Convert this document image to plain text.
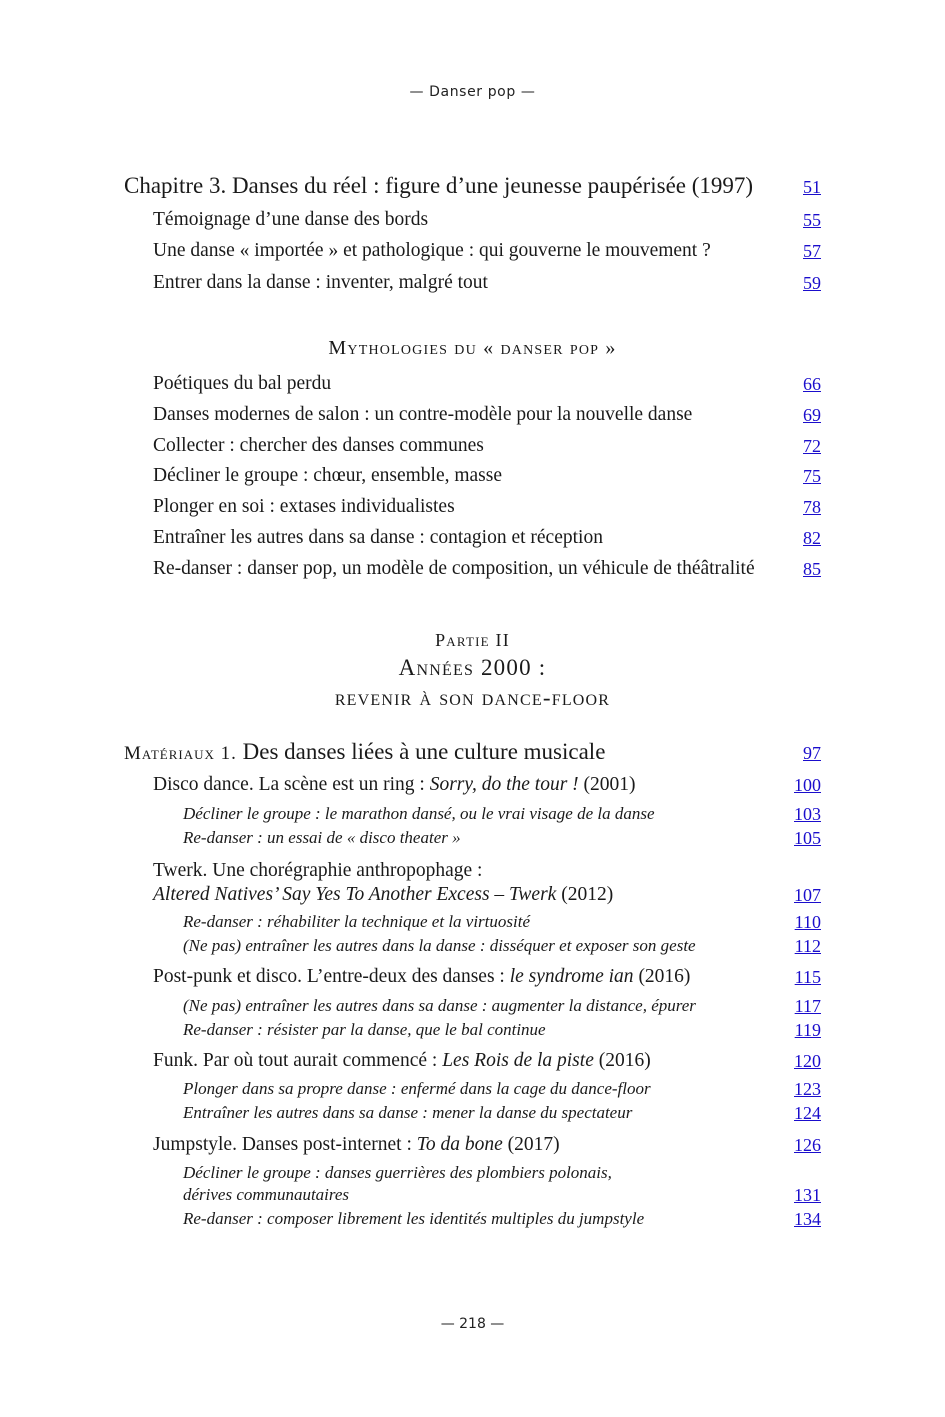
— Danser pop —
Chapitre 3. Danses du réel : figure d’une jeunesse paupérisée (1997)	51
Témoignage d’une danse des bords	55
Une danse « importée » et pathologique : qui gouverne le mouvement ?	57
Entrer dans la danse : inventer, malgré tout	59
Mythologies du « danser pop »
Poétiques du bal perdu	66
Danses modernes de salon : un contre-modèle pour la nouvelle danse	69
Collecter : chercher des danses communes	72
Décliner le groupe : chœur, ensemble, masse	75
Plonger en soi : extases individualistes	78
Entraîner les autres dans sa danse : contagion et réception	82
Re-danser : danser pop, un modèle de composition, un véhicule de théâtralité	85
Partie II
Années 2000 :
revenir à son dance-floor
Matériaux 1. Des danses liées à une culture musicale	97
Disco dance. La scène est un ring : Sorry, do the tour ! (2001)	100
Décliner le groupe : le marathon dansé, ou le vrai visage de la danse	103
Re-danser : un essai de « disco theater »	105
Twerk. Une chorégraphie anthropophage :
Altered Natives’ Say Yes To Another Excess – Twerk (2012)	107
Re-danser : réhabiliter la technique et la virtuosité	110
(Ne pas) entraîner les autres dans la danse : disséquer et exposer son geste	112
Post-punk et disco. L’entre-deux des danses : le syndrome ian (2016)	115
(Ne pas) entraîner les autres dans sa danse : augmenter la distance, épurer	117
Re-danser : résister par la danse, que le bal continue	119
Funk. Par où tout aurait commencé : Les Rois de la piste (2016)	120
Plonger dans sa propre danse : enfermé dans la cage du dance-floor	123
Entraîner les autres dans sa danse : mener la danse du spectateur	124
Jumpstyle. Danses post-internet : To da bone (2017)	126
Décliner le groupe : danses guerrières des plombiers polonais,
dérives communautaires	131
Re-danser : composer librement les identités multiples du jumpstyle	134
— 218 —
